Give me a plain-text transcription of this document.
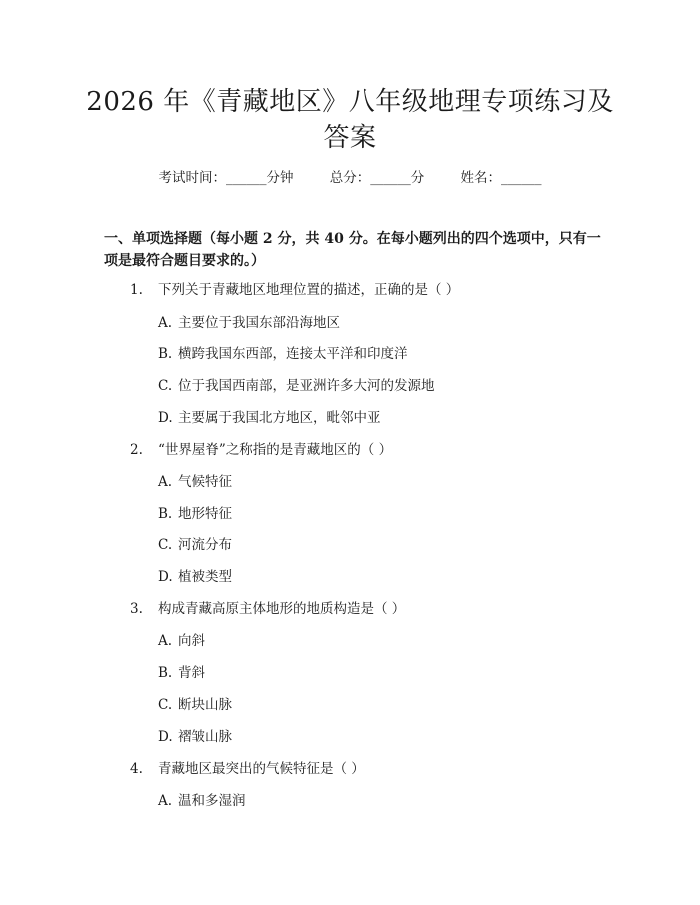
2026 年《青藏地区》八年级地理专项练习及答案
考试时间：______分钟	总分：______分	姓名：______

一、单项选择题（每小题 2 分，共 40 分。在每小题列出的四个选项中，只有一项是最符合题目要求的。）

1. 下列关于青藏地区地理位置的描述，正确的是（ ）
A. 主要位于我国东部沿海地区
B. 横跨我国东西部，连接太平洋和印度洋
C. 位于我国西南部，是亚洲许多大河的发源地
D. 主要属于我国北方地区，毗邻中亚
2. “世界屋脊”之称指的是青藏地区的（ ）
A. 气候特征
B. 地形特征
C. 河流分布
D. 植被类型
3. 构成青藏高原主体地形的地质构造是（ ）
A. 向斜
B. 背斜
C. 断块山脉
D. 褶皱山脉
4. 青藏地区最突出的气候特征是（ ）
A. 温和多湿润
